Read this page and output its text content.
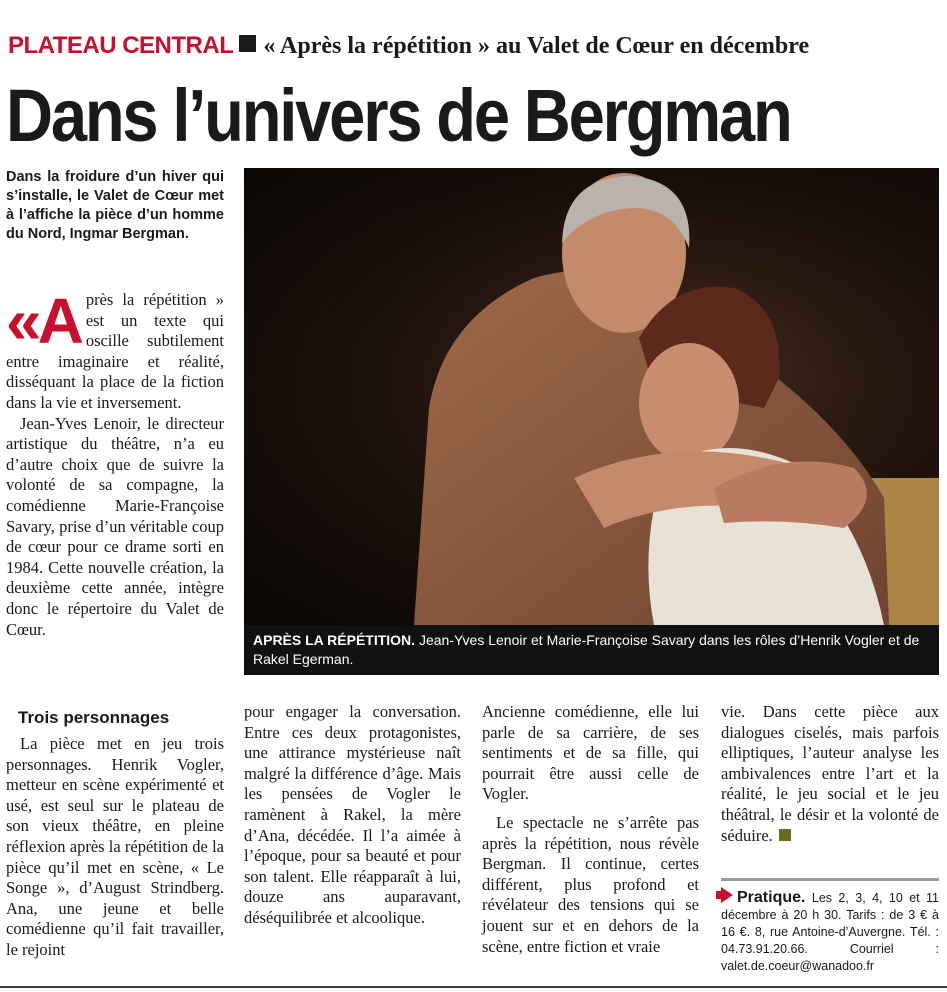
PLATEAU CENTRAL « Après la répétition » au Valet de Cœur en décembre
Dans l’univers de Bergman
Dans la froidure d’un hiver qui s’installe, le Valet de Cœur met à l’affiche la pièce d’un homme du Nord, Ingmar Bergman.

«Après la répétition » est un texte qui oscille subtilement entre imaginaire et réalité, disséquant la place de la fiction dans la vie et inversement.

Jean-Yves Lenoir, le directeur artistique du théâtre, n’a eu d’autre choix que de suivre la volonté de sa compagne, la comédienne Marie-Françoise Savary, prise d’un véritable coup de cœur pour ce drame sorti en 1984. Cette nouvelle création, la deuxième cette année, intègre donc le répertoire du Valet de Cœur.

Trois personnages

La pièce met en jeu trois personnages. Henrik Vogler, metteur en scène expérimenté et usé, est seul sur le plateau de son vieux théâtre, en pleine réflexion après la répétition de la pièce qu’il met en scène, « Le Songe », d’August Strindberg. Ana, une jeune et belle comédienne qu’il fait travailler, le rejoint

pour engager la conversation. Entre ces deux protagonistes, une attirance mystérieuse naît malgré la différence d’âge. Mais les pensées de Vogler le ramènent à Rakel, la mère d’Ana, décédée. Il l’a aimée à l’époque, pour sa beauté et pour son talent. Elle réapparaît à lui, douze ans auparavant, déséquilibrée et alcoolique.

Ancienne comédienne, elle lui parle de sa carrière, de ses sentiments et de sa fille, qui pourrait être aussi celle de Vogler.

Le spectacle ne s’arrête pas après la répétition, nous révèle Bergman. Il continue, certes différent, plus profond et révélateur des tensions qui se jouent sur et en dehors de la scène, entre fiction et vraie

vie. Dans cette pièce aux dialogues ciselés, mais parfois elliptiques, l’auteur analyse les ambivalences entre l’art et la réalité, le jeu social et le jeu théâtral, le désir et la volonté de séduire.

APRÈS LA RÉPÉTITION. Jean-Yves Lenoir et Marie-Françoise Savary dans les rôles d’Henrik Vogler et de Rakel Egerman.
Pratique. Les 2, 3, 4, 10 et 11 décembre à 20 h 30. Tarifs : de 3 € à 16 €. 8, rue Antoine-d’Auvergne. Tél. : 04.73.91.20.66. Courriel : valet.de.coeur@wanadoo.fr
